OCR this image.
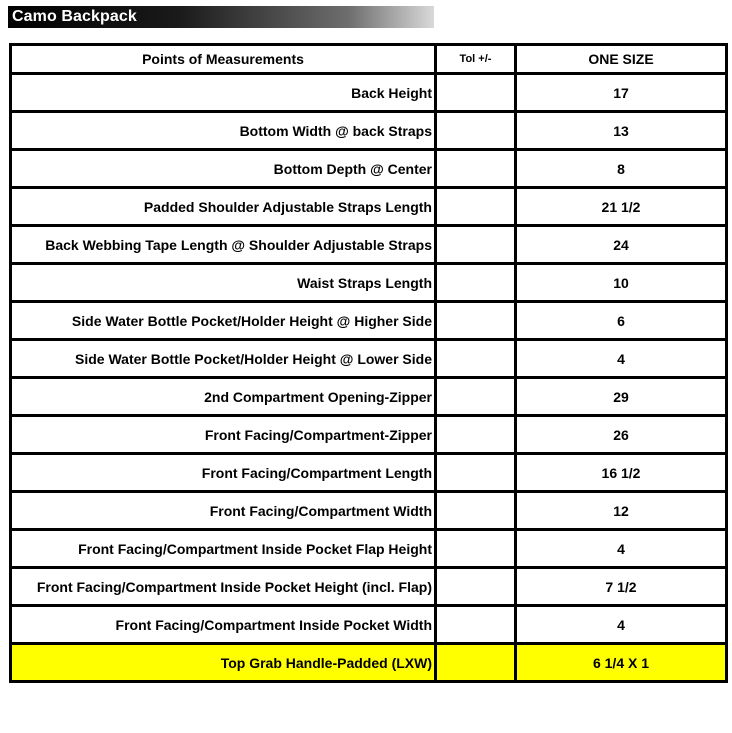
Camo Backpack
Points of Measurements	Tol +/-	ONE SIZE
Back Height		17
Bottom Width @ back Straps		13
Bottom Depth @ Center		8
Padded Shoulder Adjustable Straps Length		21 1/2
Back Webbing Tape Length @ Shoulder Adjustable Straps		24
Waist Straps Length		10
Side Water Bottle Pocket/Holder Height @ Higher Side		6
Side Water Bottle Pocket/Holder Height @ Lower Side		4
2nd Compartment Opening-Zipper		29
Front Facing/Compartment-Zipper		26
Front Facing/Compartment Length		16 1/2
Front Facing/Compartment Width		12
Front Facing/Compartment Inside Pocket Flap Height		4
Front Facing/Compartment Inside Pocket Height (incl. Flap)		7 1/2
Front Facing/Compartment Inside Pocket Width		4
Top Grab Handle-Padded (LXW)		6 1/4 X 1
